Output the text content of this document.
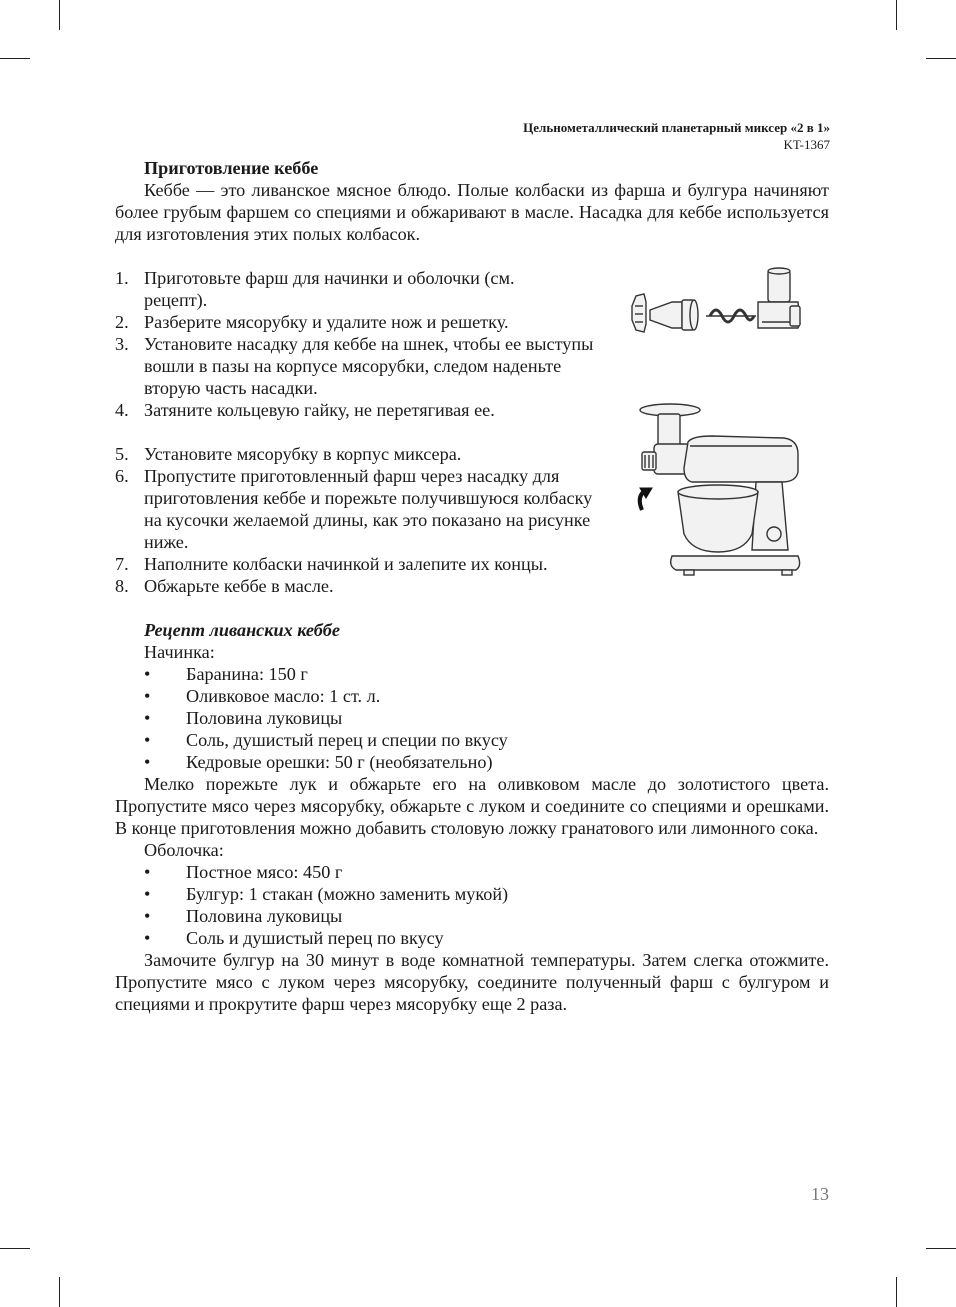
Цельнометаллический планетарный миксер «2 в 1»
KT-1367

Приготовление кеббе

Кеббе — это ливанское мясное блюдо. Полые колбаски из фарша и булгура начиняют более грубым фаршем со специями и обжаривают в масле. Насадка для кеббе используется для изготовления этих полых колбасок.

1. Приготовьте фарш для начинки и оболочки (см. рецепт).
2. Разберите мясорубку и удалите нож и решетку.
3. Установите насадку для кеббе на шнек, чтобы ее выступы вошли в пазы на корпусе мясорубки, следом наденьте вторую часть насадки.
4. Затяните кольцевую гайку, не перетягивая ее.
5. Установите мясорубку в корпус миксера.
6. Пропустите приготовленный фарш через насадку для приготовления кеббе и порежьте получившуюся колбаску на кусочки желаемой длины, как это показано на рисунке ниже.
7. Наполните колбаски начинкой и залепите их концы.
8. Обжарьте кеббе в масле.

Рецепт ливанских кеббе

Начинка:

• Баранина: 150 г
• Оливковое масло: 1 ст. л.
• Половина луковицы
• Соль, душистый перец и специи по вкусу
• Кедровые орешки: 50 г (необязательно)

Мелко порежьте лук и обжарьте его на оливковом масле до золотистого цвета. Пропустите мясо через мясорубку, обжарьте с луком и соедините со специями и орешками. В конце приготовления можно добавить столовую ложку гранатового или лимонного сока.

Оболочка:

• Постное мясо: 450 г
• Булгур: 1 стакан (можно заменить мукой)
• Половина луковицы
• Соль и душистый перец по вкусу

Замочите булгур на 30 минут в воде комнатной температуры. Затем слегка отожмите. Пропустите мясо с луком через мясорубку, соедините полученный фарш с булгуром и специями и прокрутите фарш через мясорубку еще 2 раза.

13
